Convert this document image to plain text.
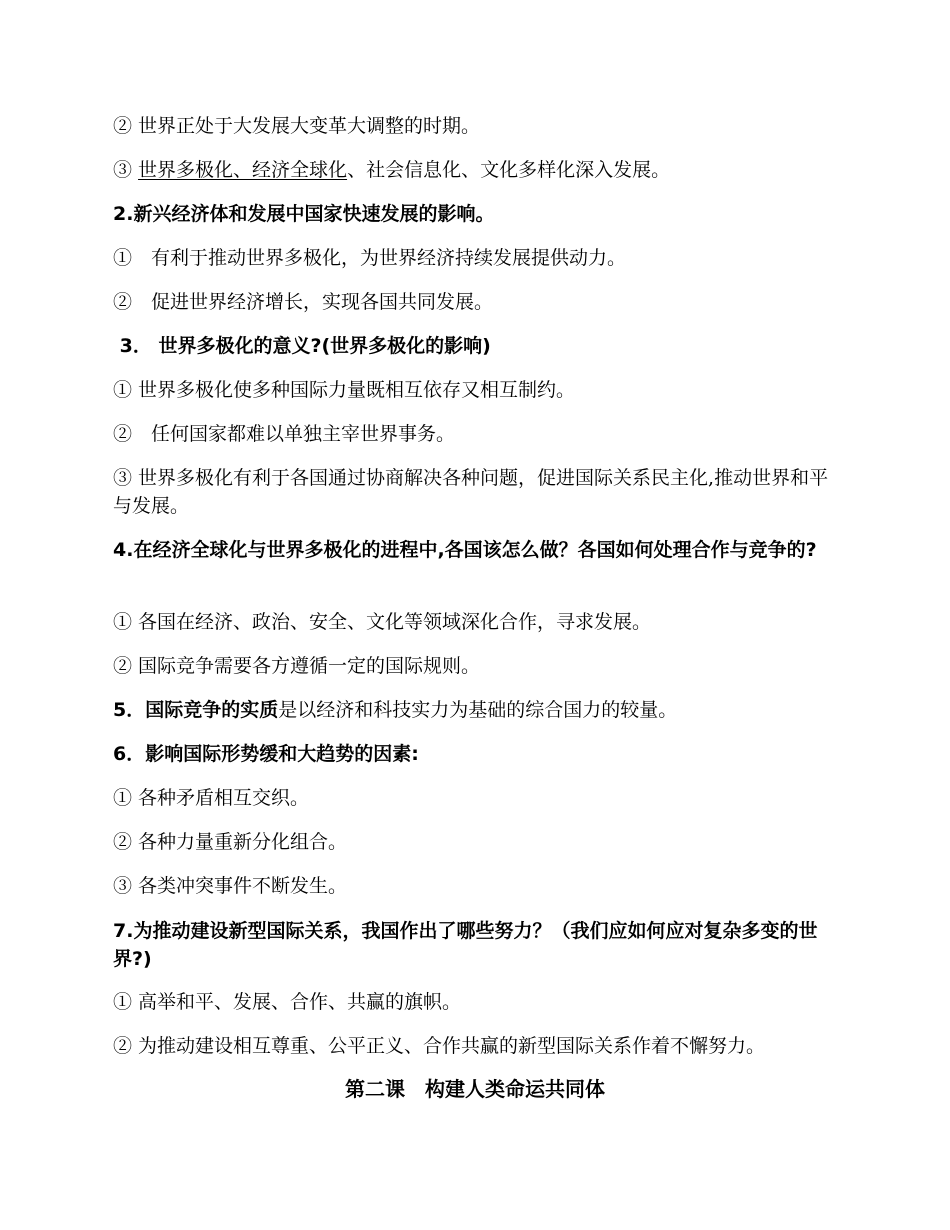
② 世界正处于大发展大变革大调整的时期。
③ 世界多极化、经济全球化、社会信息化、文化多样化深入发展。
2.新兴经济体和发展中国家快速发展的影响。
①　有利于推动世界多极化，为世界经济持续发展提供动力。
②　促进世界经济增长，实现各国共同发展。
3． 世界多极化的意义?(世界多极化的影响)
① 世界多极化使多种国际力量既相互依存又相互制约。
②　任何国家都难以单独主宰世界事务。
③ 世界多极化有利于各国通过协商解决各种问题，促进国际关系民主化,推动世界和平与发展。
4.在经济全球化与世界多极化的进程中,各国该怎么做？各国如何处理合作与竞争的?
① 各国在经济、政治、安全、文化等领域深化合作，寻求发展。
② 国际竞争需要各方遵循一定的国际规则。
5．国际竞争的实质是以经济和科技实力为基础的综合国力的较量。
6．影响国际形势缓和大趋势的因素:
① 各种矛盾相互交织。
② 各种力量重新分化组合。
③ 各类冲突事件不断发生。
7.为推动建设新型国际关系，我国作出了哪些努力？（我们应如何应对复杂多变的世界?)
① 高举和平、发展、合作、共赢的旗帜。
② 为推动建设相互尊重、公平正义、合作共赢的新型国际关系作着不懈努力。
第二课　构建人类命运共同体
